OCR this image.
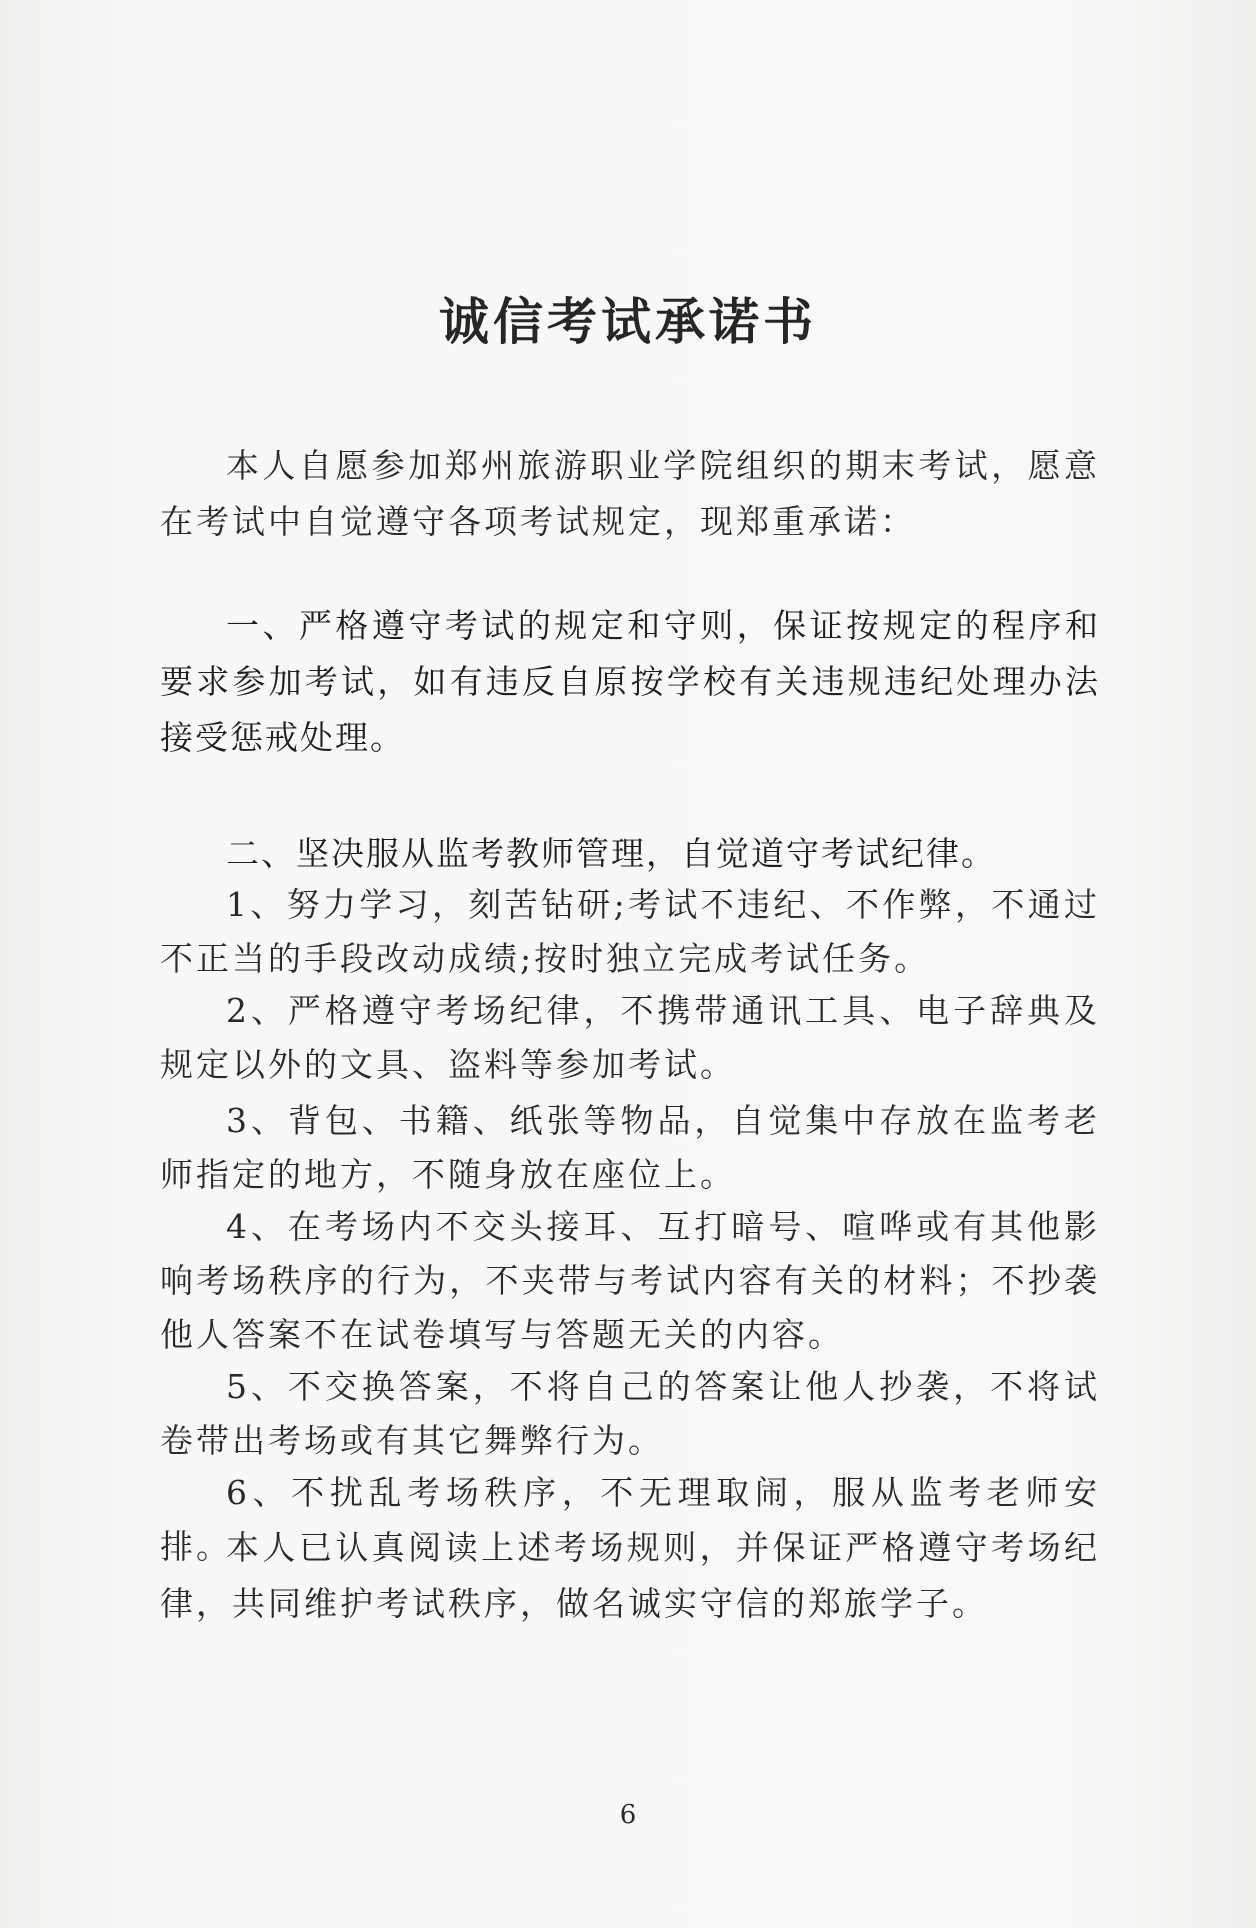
诚信考试承诺书

本人自愿参加郑州旅游职业学院组织的期末考试，愿意在考试中自觉遵守各项考试规定，现郑重承诺：

一、严格遵守考试的规定和守则，保证按规定的程序和要求参加考试，如有违反自原按学校有关违规违纪处理办法接受惩戒处理。

二、坚决服从监考教师管理，自觉道守考试纪律。

1、努力学习，刻苦钻研;考试不违纪、不作弊，不通过不正当的手段改动成绩;按时独立完成考试任务。

2、严格遵守考场纪律，不携带通讯工具、电子辞典及规定以外的文具、盗料等参加考试。

3、背包、书籍、纸张等物品，自觉集中存放在监考老师指定的地方，不随身放在座位上。

4、在考场内不交头接耳、互打暗号、喧哗或有其他影响考场秩序的行为，不夹带与考试内容有关的材料；不抄袭他人答案不在试卷填写与答题无关的内容。

5、不交换答案，不将自己的答案让他人抄袭，不将试卷带出考场或有其它舞弊行为。

6、不扰乱考场秩序，不无理取闹，服从监考老师安排。

本人已认真阅读上述考场规则，并保证严格遵守考场纪律，共同维护考试秩序，做名诚实守信的郑旅学子。

6
